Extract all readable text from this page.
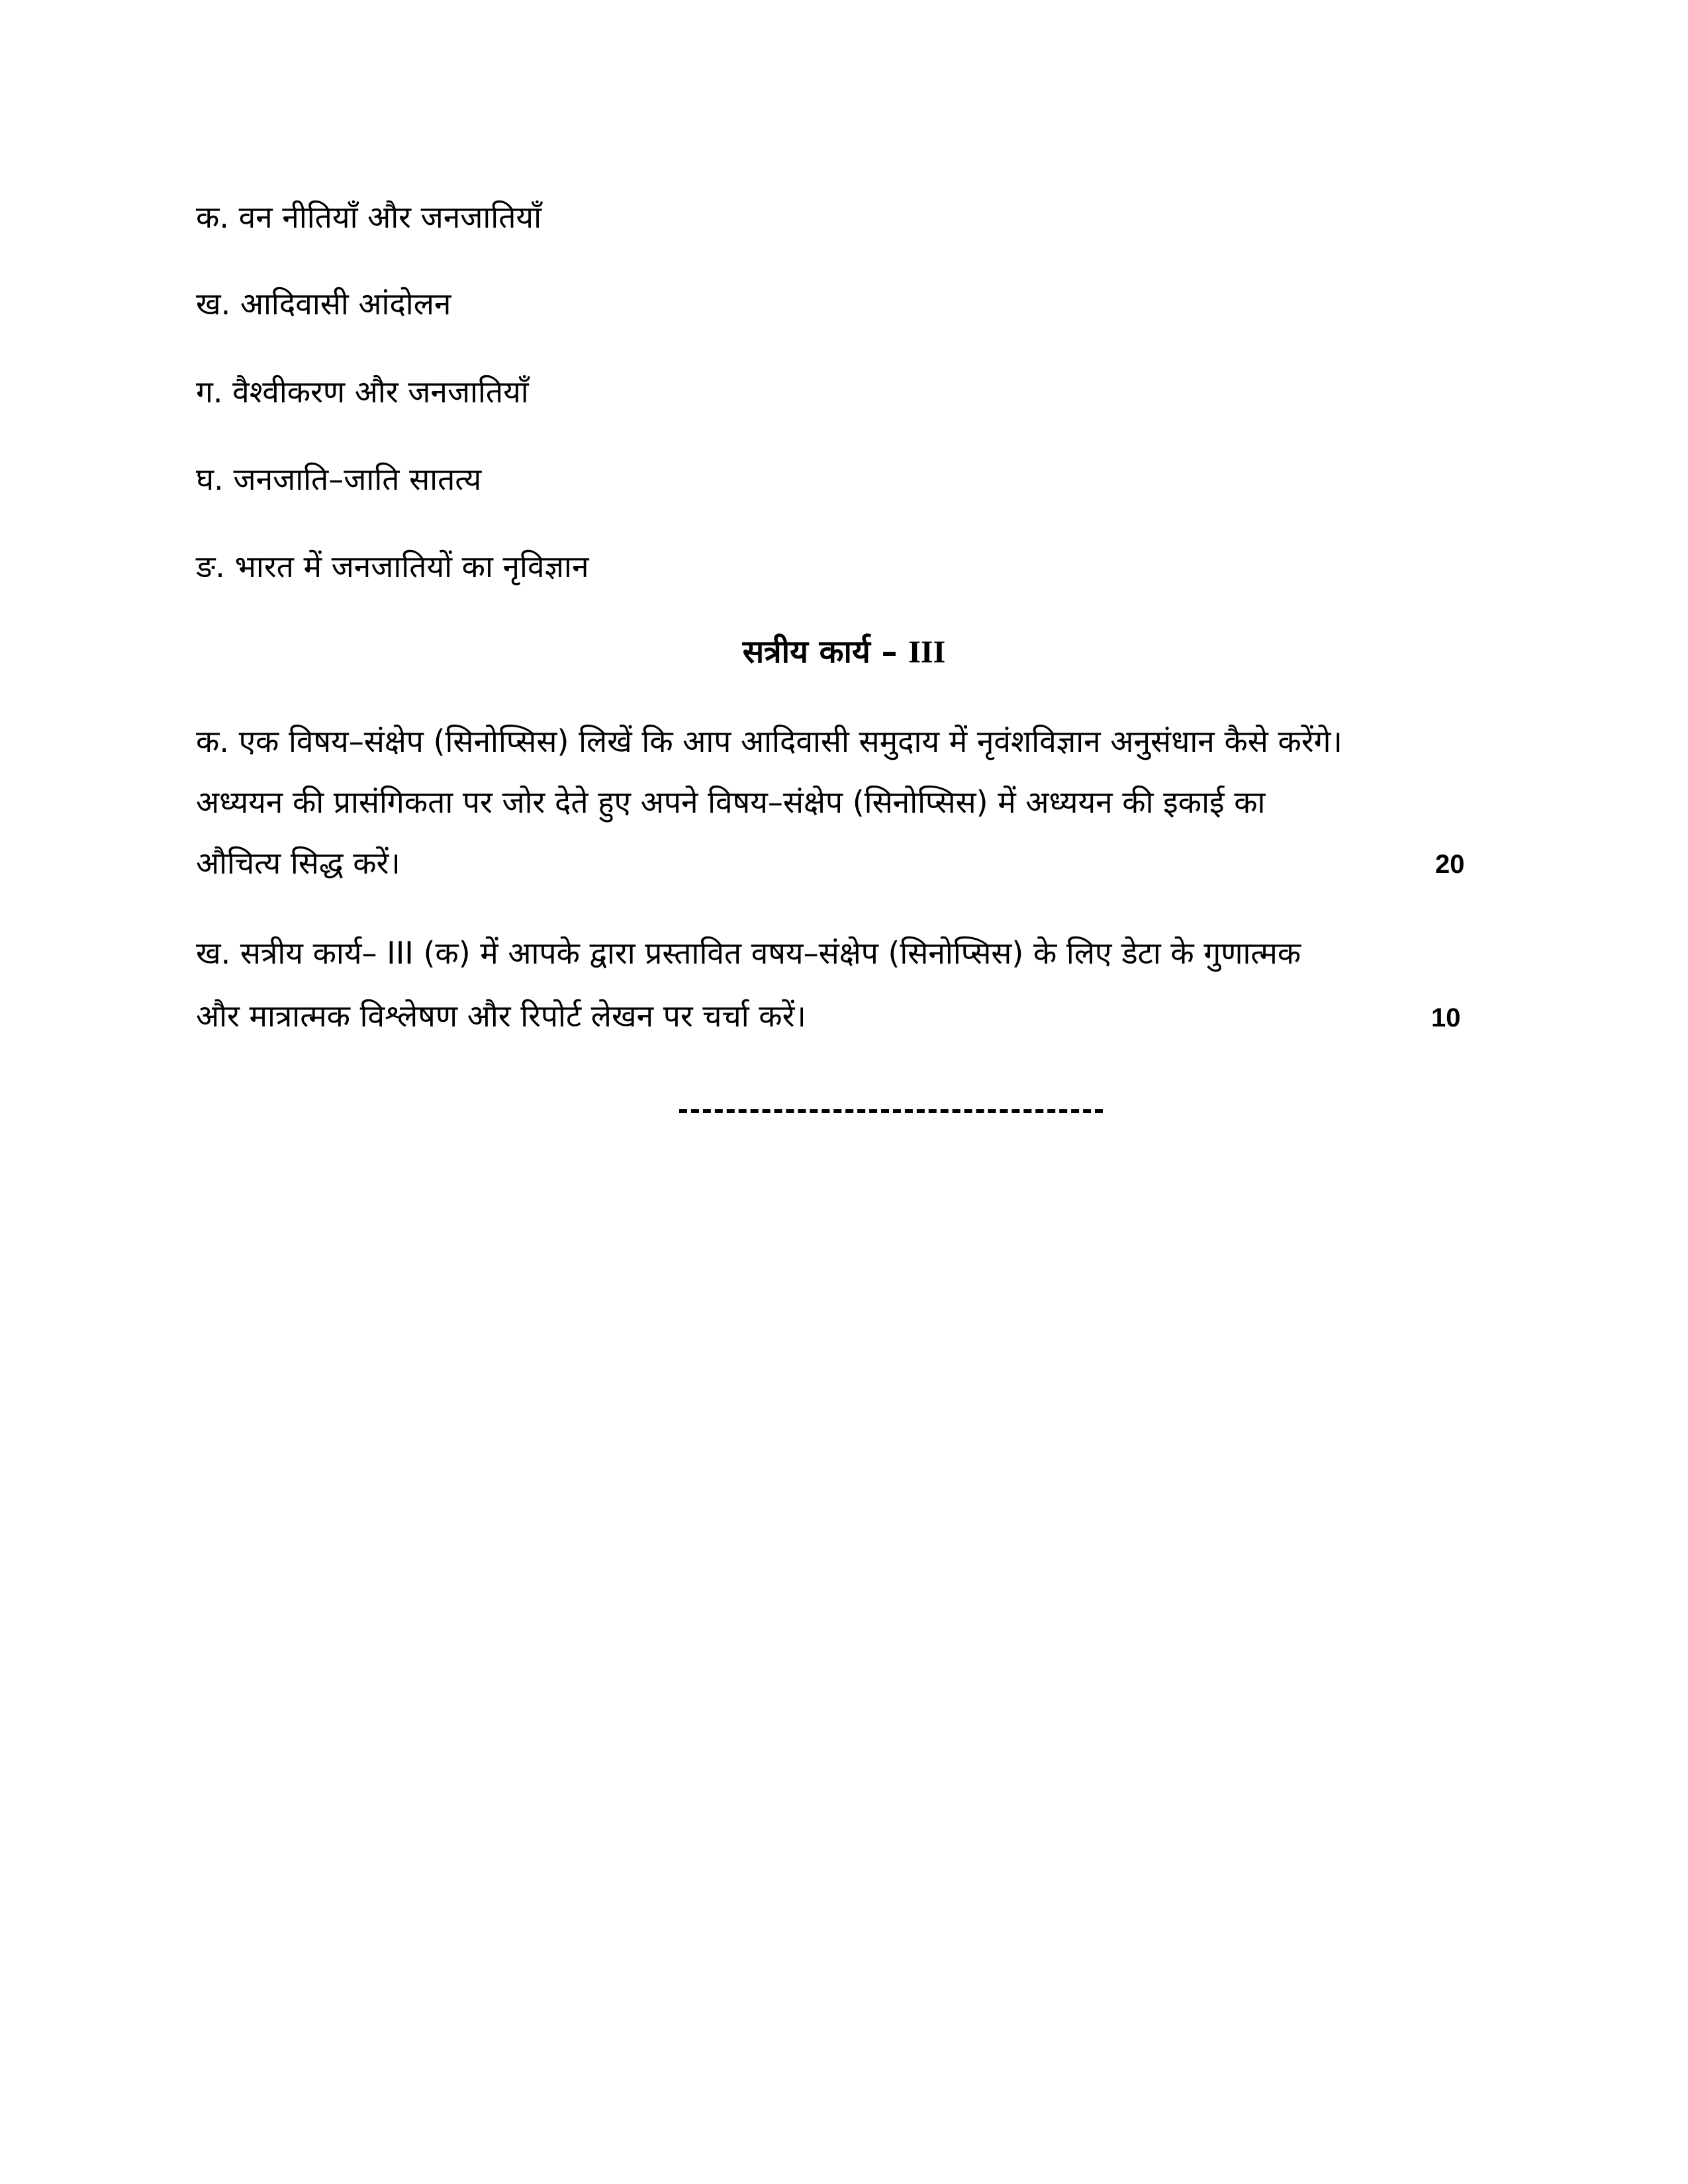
क. वन नीतियाँ और जनजातियाँ
ख. आदिवासी आंदोलन
ग. वैश्वीकरण और जनजातियाँ
घ. जनजाति–जाति सातत्य
ङ. भारत में जनजातियों का नृविज्ञान
सत्रीय कार्य – III
क. एक विषय–संक्षेप (सिनोप्सिस) लिखें कि आप आदिवासी समुदाय में नृवंशविज्ञान अनुसंधान कैसे करेंगे।
अध्ययन की प्रासंगिकता पर जोर देते हुए अपने विषय–संक्षेप (सिनोप्सिस) में अध्ययन की इकाई का
औचित्य सिद्ध करें।	20
ख. सत्रीय कार्य– III (क) में आपके द्वारा प्रस्तावित वषय–संक्षेप (सिनोप्सिस) के लिए डेटा के गुणात्मक
और मात्रात्मक विश्लेषण और रिपोर्ट लेखन पर चर्चा करें।	10
